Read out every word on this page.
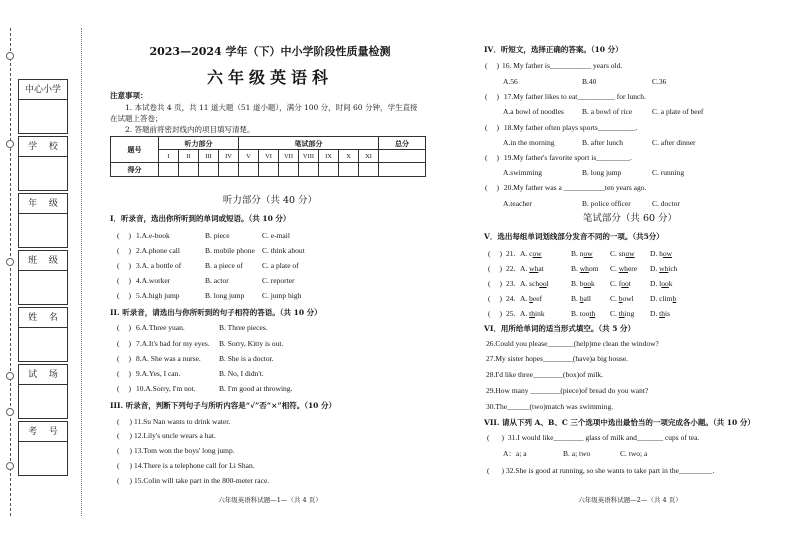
中心小学
学 校
年 级
班 级
姓 名
试 场
考 号
2023—2024 学年（下）中小学阶段性质量检测
六年级英语科
注意事项：
1. 本试卷共 4 页，共 11 道大题（51 道小题），满分 100 分，时间 60 分钟，学生直接
在试题上答卷；
2. 答题前将密封线内的项目填写清楚。
题号	听力部分				笔试部分							总分
	I	II	III	IV	V	VI	VII	VIII	IX	X	XI	
得分												
听力部分（共 40 分）
I．听录音，选出你所听到的单词或短语。（共 10 分）
( ) 1.A.e-book	B. piece	C. e-mail
( ) 2.A.phone call	B. mobile phone C. think about
( ) 3.A. a bottle of	B. a piece of	C. a plate of
( ) 4.A.worker	B. actor	C. reporter
( ) 5.A.high jump	B. long jump C. jump high
II. 听录音，请选出与你所听到的句子相符的答语。（共 10 分）
( ) 6.A.Three yuan.	B. Three pieces.
( ) 7.A.It's bad for my eyes. B. Sorry, Kitty is out.
( ) 8.A. She was a nurse. B. She is a doctor.
( ) 9.A.Yes, I can.	B. No, I didn't.
( ) 10.A.Sorry, I'm not.	B. I'm good at throwing.
III. 听录音，判断下列句子与所听内容是“√”否“×”相符。（10 分）
( ) 11.Su Nan wants to drink water.
( ) 12.Lily's uncle wears a hat.
( ) 13.Tom won the boys' long jump.
( ) 14.There is a telephone call for Li Shan.
( ) 15.Colin will take part in the 800-meter race.
六年级英语科试题—1—（共 4 页）
IV．听短文，选择正确的答案。（10 分）
( ) 16. My father is___________ years old.
A.56	B.40	C.36
( ) 17.My father likes to eat__________ for lunch.
A.a bowl of noodles B. a bowl of rice	C. a plate of beef
( ) 18.My father often plays sports__________.
A.in the morning	B. after lunch	C. after dinner
( ) 19.My father's favorite sport is_________.
A.swimming	B. long jump	C. running
( ) 20.My father was a ___________ten years ago.
A.teacher	B. police officer	C. doctor
笔试部分（共 60 分）
V．选出每组单词划线部分发音不同的一项。（共5分）
( ) 21. A. cow	B. now C. snow D. how
( ) 22. A. what	B. whom C. where D. which
( ) 23. A. school	B. book C. foot	D. look
( ) 24. A. beef	B. ball	C. bowl D. climb
( ) 25. A. think	B. tooth C. thing D. this
VI．用所给单词的适当形式填空。（共 5 分）
26.Could you please_______(help)me clean the window?
27.My sister hopes________(have)a big house.
28.I'd like three________(box)of milk.
29.How many ________(piece)of bread do you want?
30.The______(two)match was swimming.
VII. 请从下列 A、B、C 三个选项中选出最恰当的一项完成各小题。（共 10 分）
( ) 31.I would like________ glass of milk and_______ cups of tea.
A：a; a	B. a; two	C. two; a
( ) 32.She is good at running, so she wants to take part in the_________.
六年级英语科试题—2—（共 4 页）
